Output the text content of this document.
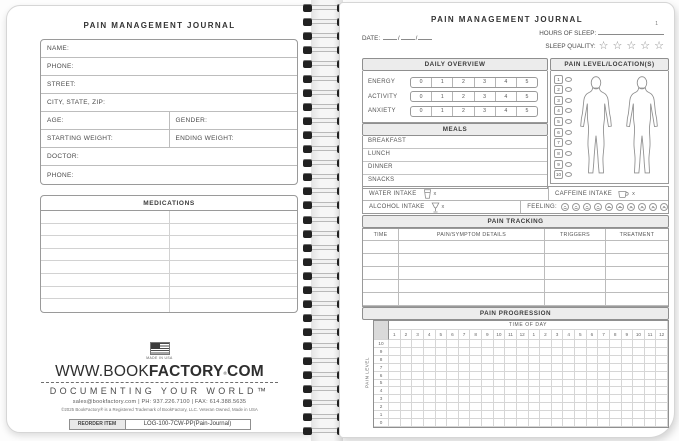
PAIN MANAGEMENT JOURNAL
NAME:
PHONE:
STREET:
CITY, STATE, ZIP:
AGE:	GENDER:
STARTING WEIGHT:	ENDING WEIGHT:
DOCTOR:
PHONE:
MEDICATIONS
MADE IN USA
WWW.BOOKFACTORY®COM
DOCUMENTING YOUR WORLD™
sales@bookfactory.com | PH: 937.226.7100 | FAX: 614.388.5635
©2025 BookFactory® is a Registered Trademark of BookFactory, LLC. Veteran Owned, Made in USA
REORDER ITEM	LOG-100-7CW-PP(Pain-Journal)
PAIN MANAGEMENT JOURNAL	1
DATE:	/	/
HOURS OF SLEEP:
SLEEP QUALITY: ☆ ☆ ☆ ☆ ☆
DAILY OVERVIEW
ENERGY	0	1	2	3	4	5
ACTIVITY	0	1	2	3	4	5
ANXIETY	0	1	2	3	4	5
MEALS
BREAKFAST
LUNCH
DINNER
SNACKS
PAIN LEVEL/LOCATION(S)
1
2
3
4
5
6
7
8
9
10
WATER INTAKE	x	CAFFEINE INTAKE	x
ALCOHOL INTAKE	x	FEELING:
PAIN TRACKING
TIME	PAIN/SYMPTOM DETAILS	TRIGGERS	TREATMENT
PAIN PROGRESSION
PAIN LEVEL
TIME OF DAY
1	2	3	4	5	6	7	8	9	10	11	12	1	2	3	4	5	6	7	8	9	10	11	12
10
9
8
7
6
5
4
3
2
1
0
